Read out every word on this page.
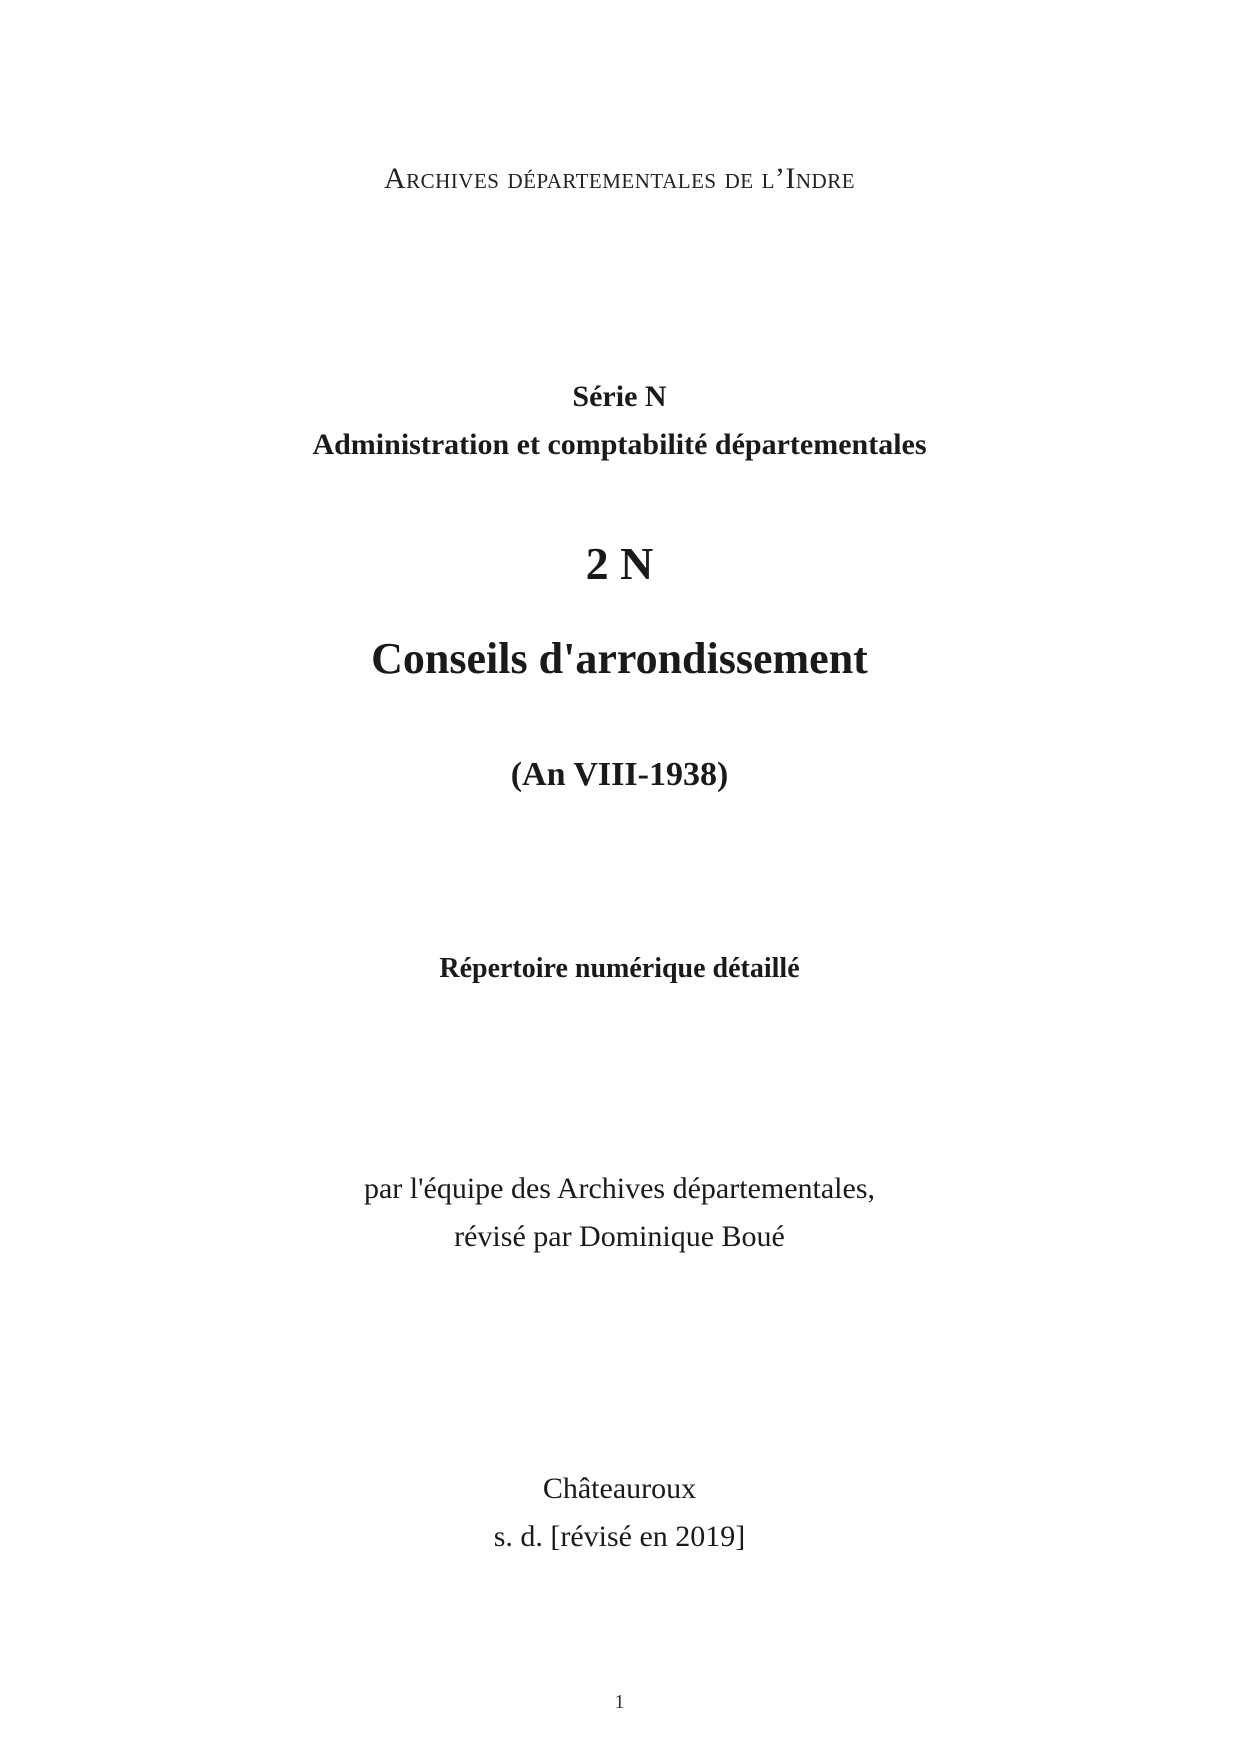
Archives départementales de l’Indre
Série N
Administration et comptabilité départementales
2 N
Conseils d'arrondissement
(An VIII-1938)
Répertoire numérique détaillé
par l'équipe des Archives départementales,
révisé par Dominique Boué
Châteauroux
s. d. [révisé en 2019]
1
